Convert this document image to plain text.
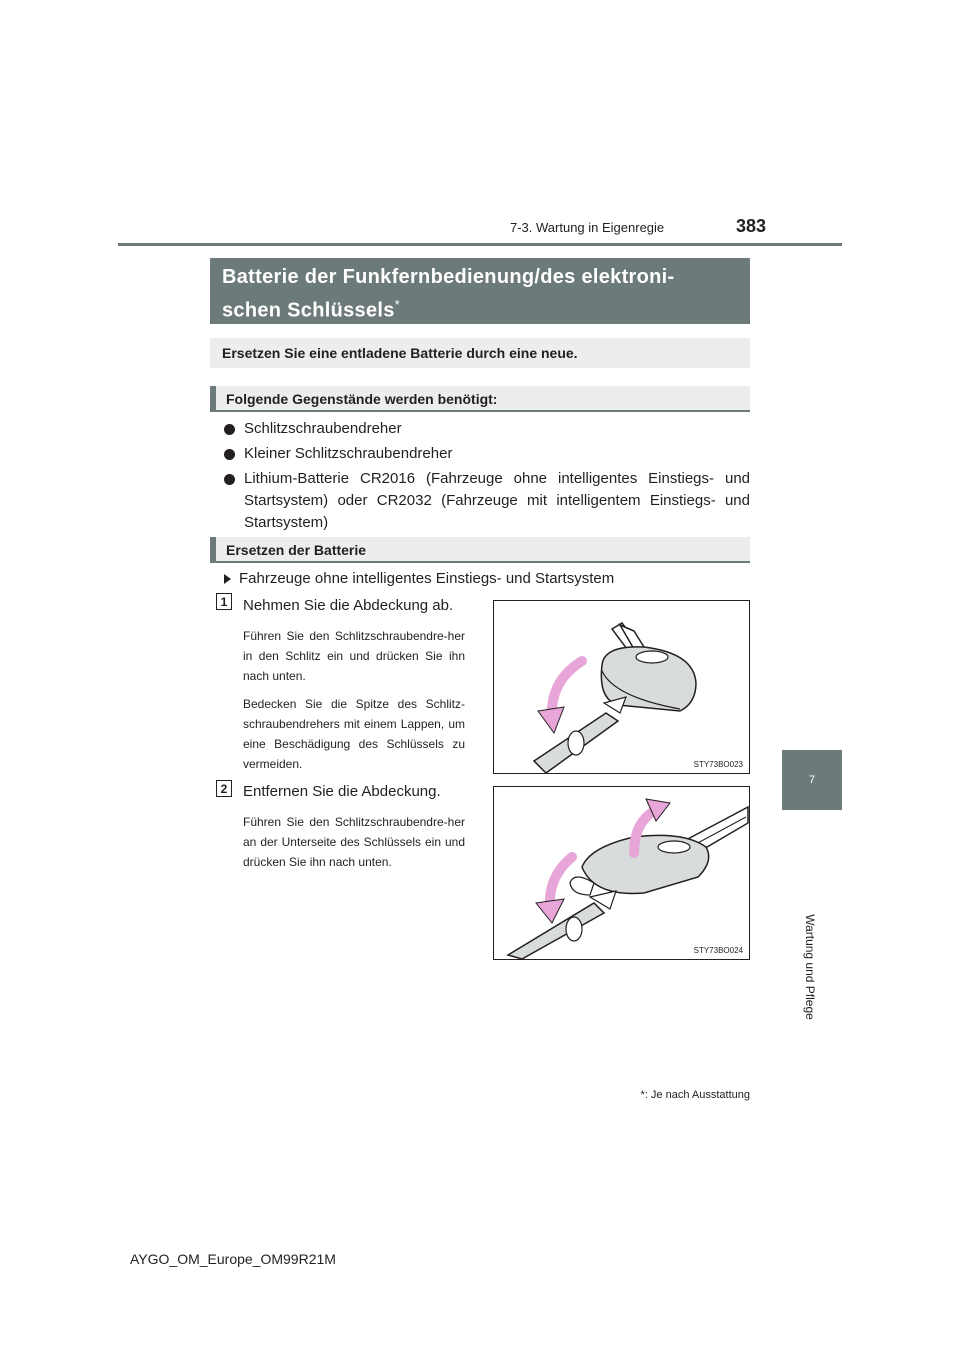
7-3. Wartung in Eigenregie	383
7
Wartung und Pflege
Batterie der Funkfernbedienung/des elektroni-
schen Schlüssels*
Ersetzen Sie eine entladene Batterie durch eine neue.
Folgende Gegenstände werden benötigt:
Schlitzschraubendreher
Kleiner Schlitzschraubendreher
Lithium-Batterie CR2016 (Fahrzeuge ohne intelligentes Einstiegs- und Startsystem) oder CR2032 (Fahrzeuge mit intelligentem Einstiegs- und Startsystem)
Ersetzen der Batterie
Fahrzeuge ohne intelligentes Einstiegs- und Startsystem
1	Nehmen Sie die Abdeckung ab.

Führen Sie den Schlitzschraubendre-her in den Schlitz ein und drücken Sie ihn nach unten.

Bedecken Sie die Spitze des Schlitz-schraubendrehers mit einem Lappen, um eine Beschädigung des Schlüssels zu vermeiden.	STY73BO023
2	Entfernen Sie die Abdeckung.

Führen Sie den Schlitzschraubendre-her an der Unterseite des Schlüssels ein und drücken Sie ihn nach unten.

STY73BO024
*: Je nach Ausstattung
AYGO_OM_Europe_OM99R21M
